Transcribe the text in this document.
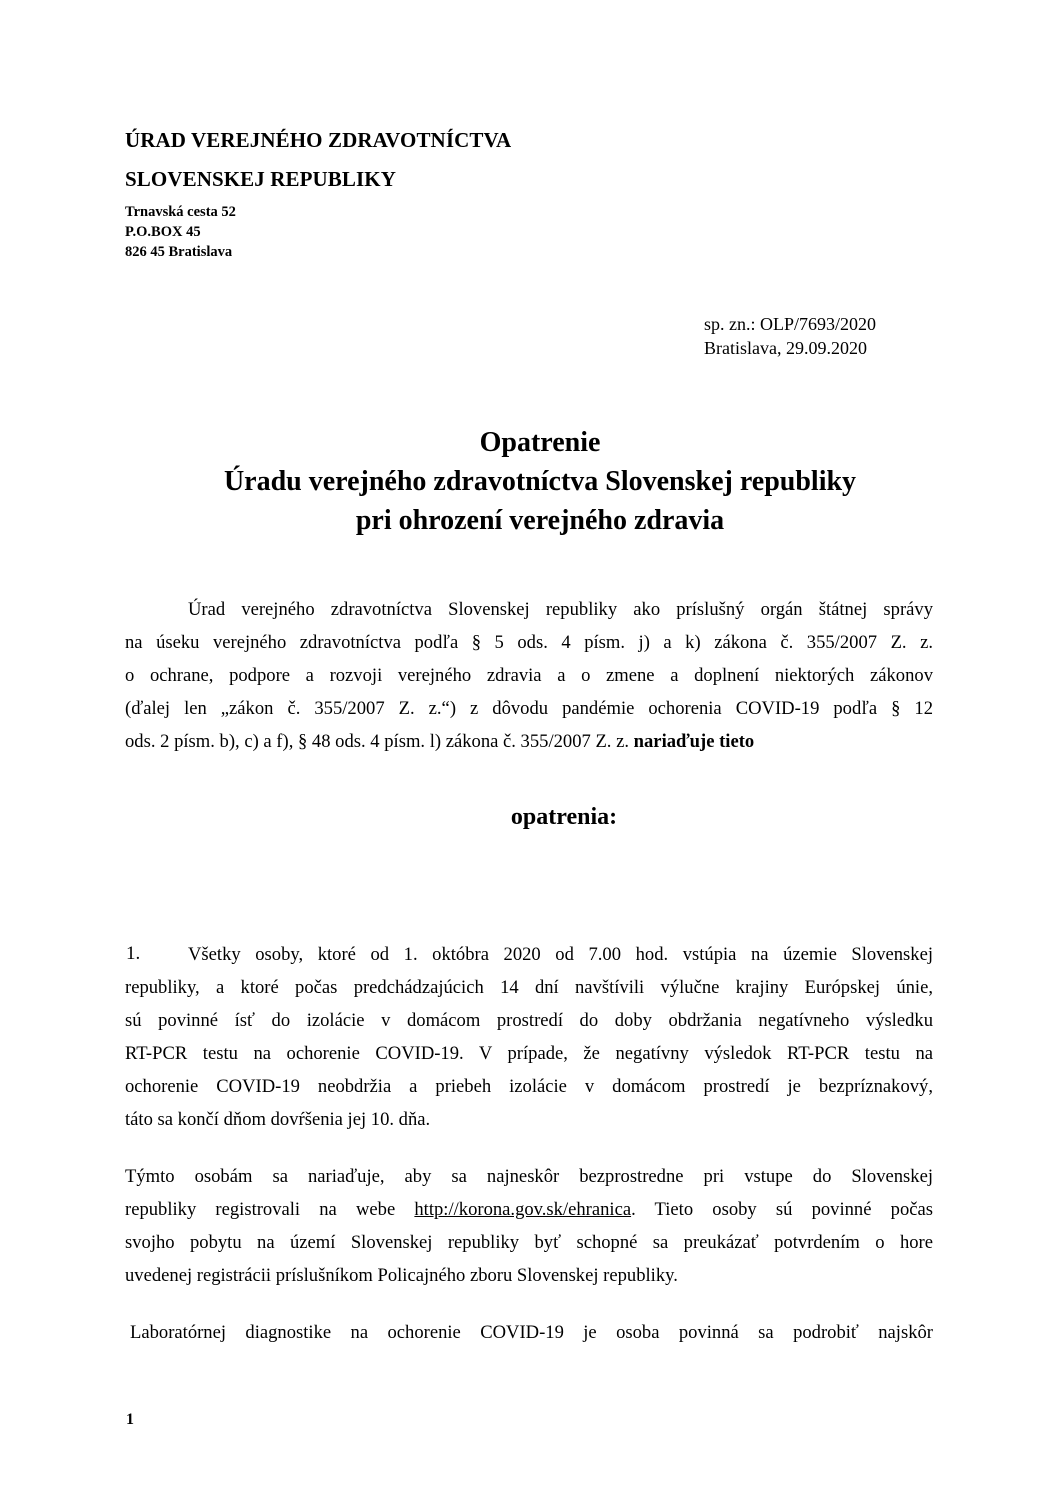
ÚRAD VEREJNÉHO ZDRAVOTNÍCTVA
SLOVENSKEJ REPUBLIKY
Trnavská cesta 52
P.O.BOX 45
826 45 Bratislava
sp. zn.: OLP/7693/2020
Bratislava, 29.09.2020
Opatrenie
Úradu verejného zdravotníctva Slovenskej republiky
pri ohrození verejného zdravia
Úrad verejného zdravotníctva Slovenskej republiky ako príslušný orgán štátnej správy
na úseku verejného zdravotníctva podľa § 5 ods. 4 písm. j) a k) zákona č. 355/2007 Z. z.
o ochrane, podpore a rozvoji verejného zdravia a o zmene a doplnení niektorých zákonov
(ďalej len „zákon č. 355/2007 Z. z.“) z dôvodu pandémie ochorenia COVID-19 podľa § 12
ods. 2 písm. b), c) a f), § 48 ods. 4 písm. l) zákona č. 355/2007 Z. z. nariaďuje tieto
opatrenia:
1.	Všetky osoby, ktoré od 1. októbra 2020 od 7.00 hod. vstúpia na územie Slovenskej
republiky, a ktoré počas predchádzajúcich 14 dní navštívili výlučne krajiny Európskej únie,
sú povinné ísť do izolácie v domácom prostredí do doby obdržania negatívneho výsledku
RT-PCR testu na ochorenie COVID-19. V prípade, že negatívny výsledok RT-PCR testu na
ochorenie COVID-19 neobdržia a priebeh izolácie v domácom prostredí je bezpríznakový,
táto sa končí dňom dovŕšenia jej 10. dňa.
Týmto osobám sa nariaďuje, aby sa najneskôr bezprostredne pri vstupe do Slovenskej
republiky registrovali na webe http://korona.gov.sk/ehranica. Tieto osoby sú povinné počas
svojho pobytu na území Slovenskej republiky byť schopné sa preukázať potvrdením o hore
uvedenej registrácii príslušníkom Policajného zboru Slovenskej republiky.
Laboratórnej diagnostike na ochorenie COVID-19 je osoba povinná sa podrobiť najskôr
1
